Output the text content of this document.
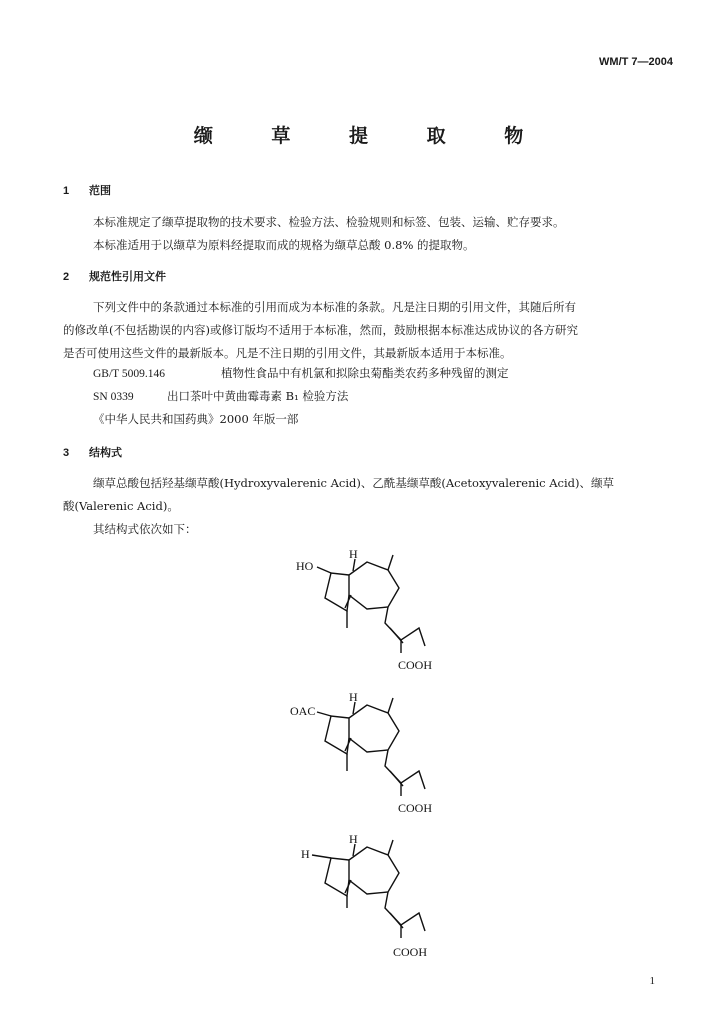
WM/T 7—2004
缬 草 提 取 物
1 范围
本标准规定了缬草提取物的技术要求、检验方法、检验规则和标签、包装、运输、贮存要求。
本标准适用于以缬草为原料经提取而成的规格为缬草总酸 0.8% 的提取物。
2 规范性引用文件
下列文件中的条款通过本标准的引用而成为本标准的条款。凡是注日期的引用文件，其随后所有
的修改单(不包括勘误的内容)或修订版均不适用于本标准，然而，鼓励根据本标准达成协议的各方研究
是否可使用这些文件的最新版本。凡是不注日期的引用文件，其最新版本适用于本标准。
GB/T 5009.146	植物性食品中有机氯和拟除虫菊酯类农药多种残留的测定
SN 0339	出口茶叶中黄曲霉毒素 B₁ 检验方法
《中华人民共和国药典》2000 年版一部
3 结构式
缬草总酸包括羟基缬草酸(Hydroxyvalerenic Acid)、乙酰基缬草酸(Acetoxyvalerenic Acid)、缬草
酸(Valerenic Acid)。
其结构式依次如下：
HO
H
COOH
OAC
H
COOH
H
H
COOH
1
